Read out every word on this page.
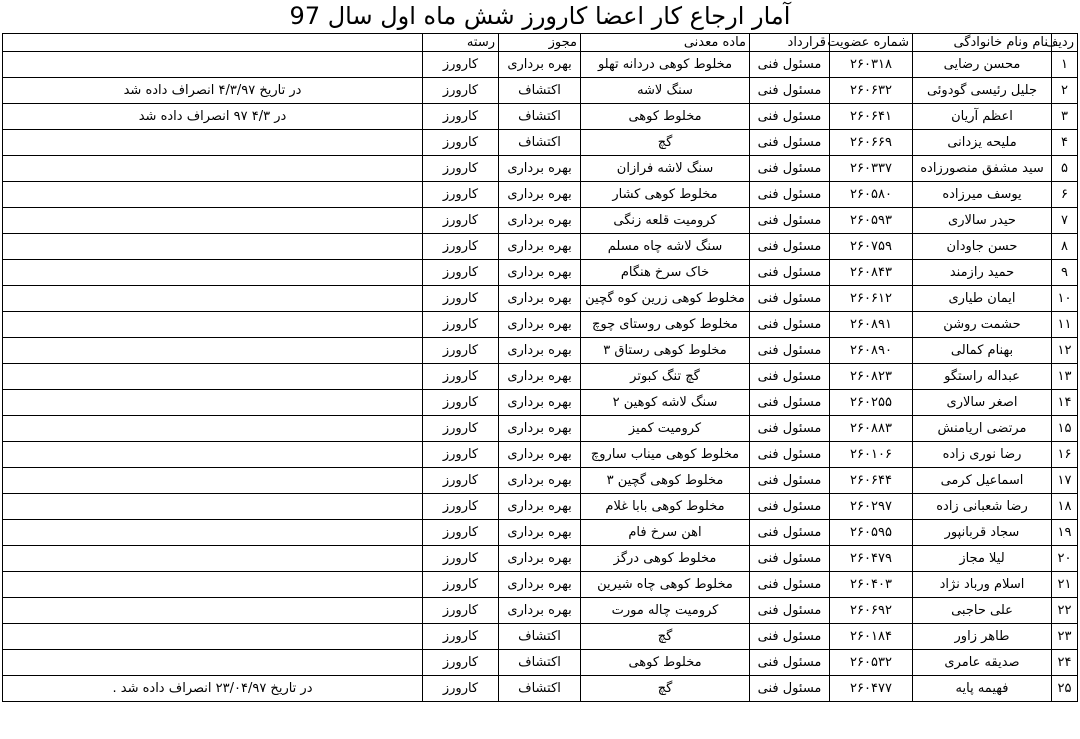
آمار ارجاع کار اعضا کارورز شش ماه اول سال 97
ردیف	نام ونام خانوادگی	شماره عضویت	قرارداد	ماده معدنی	مجوز	رسته	
۱	محسن رضایی	۲۶۰۳۱۸	مسئول فنی	مخلوط کوهی دردانه تهلو	بهره برداری	کارورز	
۲	جلیل رئیسی گودوئی	۲۶۰۶۳۲	مسئول فنی	سنگ لاشه	اکتشاف	کارورز	در تاریخ ۴/۳/۹۷ انصراف داده شد
۳	اعظم آریان	۲۶۰۶۴۱	مسئول فنی	مخلوط کوهی	اکتشاف	کارورز	در ۴/۳ ۹۷ انصراف داده شد
۴	ملیحه یزدانی	۲۶۰۶۶۹	مسئول فنی	گچ	اکتشاف	کارورز	
۵	سید مشفق منصورزاده	۲۶۰۳۳۷	مسئول فنی	سنگ لاشه فرازان	بهره برداری	کارورز	
۶	یوسف میرزاده	۲۶۰۵۸۰	مسئول فنی	مخلوط کوهی کشار	بهره برداری	کارورز	
۷	حیدر سالاری	۲۶۰۵۹۳	مسئول فنی	کرومیت قلعه زنگی	بهره برداری	کارورز	
۸	حسن جاودان	۲۶۰۷۵۹	مسئول فنی	سنگ لاشه چاه مسلم	بهره برداری	کارورز	
۹	حمید رازمند	۲۶۰۸۴۳	مسئول فنی	خاک سرخ هنگام	بهره برداری	کارورز	
۱۰	ایمان طیاری	۲۶۰۶۱۲	مسئول فنی	مخلوط کوهی زرین کوه گچین	بهره برداری	کارورز	
۱۱	حشمت روشن	۲۶۰۸۹۱	مسئول فنی	مخلوط کوهی روستای چوچ	بهره برداری	کارورز	
۱۲	بهنام کمالی	۲۶۰۸۹۰	مسئول فنی	مخلوط کوهی رستاق ۳	بهره برداری	کارورز	
۱۳	عبداله راستگو	۲۶۰۸۲۳	مسئول فنی	گچ تنگ کبوتر	بهره برداری	کارورز	
۱۴	اصغر سالاری	۲۶۰۲۵۵	مسئول فنی	سنگ لاشه کوهین ۲	بهره برداری	کارورز	
۱۵	مرتضی اریامنش	۲۶۰۸۸۳	مسئول فنی	کرومیت کمیز	بهره برداری	کارورز	
۱۶	رضا نوری زاده	۲۶۰۱۰۶	مسئول فنی	مخلوط کوهی میناب ساروچ	بهره برداری	کارورز	
۱۷	اسماعیل کرمی	۲۶۰۶۴۴	مسئول فنی	مخلوط کوهی گچین ۳	بهره برداری	کارورز	
۱۸	رضا شعبانی زاده	۲۶۰۲۹۷	مسئول فنی	مخلوط کوهی بابا غلام	بهره برداری	کارورز	
۱۹	سجاد قربانپور	۲۶۰۵۹۵	مسئول فنی	اهن سرخ فام	بهره برداری	کارورز	
۲۰	لیلا مجاز	۲۶۰۴۷۹	مسئول فنی	مخلوط کوهی درگز	بهره برداری	کارورز	
۲۱	اسلام ورباد نژاد	۲۶۰۴۰۳	مسئول فنی	مخلوط کوهی چاه شیرین	بهره برداری	کارورز	
۲۲	علی حاجبی	۲۶۰۶۹۲	مسئول فنی	کرومیت چاله مورت	بهره برداری	کارورز	
۲۳	طاهر زاور	۲۶۰۱۸۴	مسئول فنی	گچ	اکتشاف	کارورز	
۲۴	صدیقه عامری	۲۶۰۵۳۲	مسئول فنی	مخلوط کوهی	اکتشاف	کارورز	
۲۵	فهیمه پایه	۲۶۰۴۷۷	مسئول فنی	گچ	اکتشاف	کارورز	در تاریخ ۲۳/۰۴/۹۷ انصراف داده شد .
